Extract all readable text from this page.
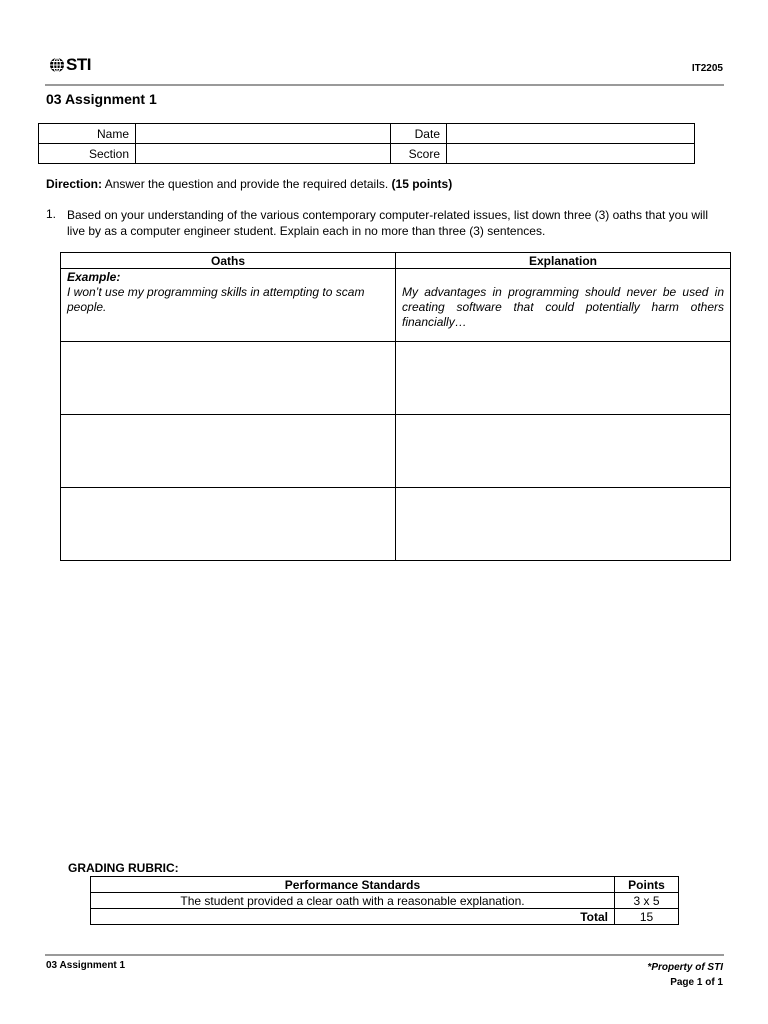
STI	IT2205
03 Assignment 1
Name		Date	
Section		Score	
Direction: Answer the question and provide the required details. (15 points)
1. Based on your understanding of the various contemporary computer-related issues, list down three (3) oaths that you will live by as a computer engineer student. Explain each in no more than three (3) sentences.
Oaths	Explanation

Example:
I won’t use my programming skills in attempting to scam people.	My advantages in programming should never be used in creating software that could potentially harm others financially…

GRADING RUBRIC:
Performance Standards	Points
The student provided a clear oath with a reasonable explanation.	3 x 5
Total	15
03 Assignment 1	*Property of STI
Page 1 of 1
